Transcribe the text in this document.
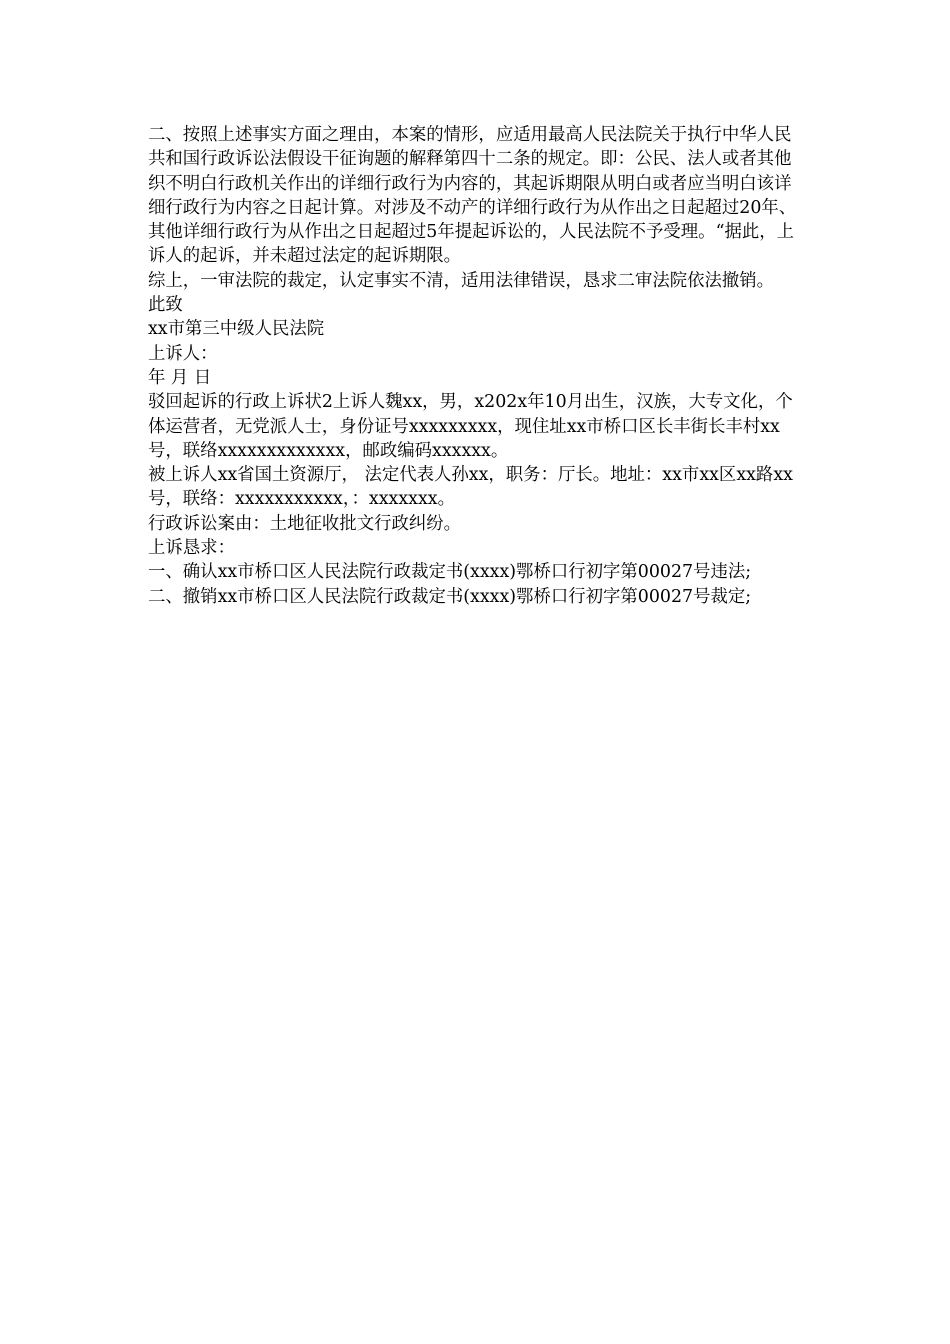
二、按照上述事实方面之理由，本案的情形，应适用最高人民法院关于执行中华人民共和国行政诉讼法假设干征询题的解释第四十二条的规定。即：公民、法人或者其他织不明白行政机关作出的详细行政行为内容的，其起诉期限从明白或者应当明白该详细行政行为内容之日起计算。对涉及不动产的详细行政行为从作出之日起超过20年、其他详细行政行为从作出之日起超过5年提起诉讼的，人民法院不予受理。“据此，上诉人的起诉，并未超过法定的起诉期限。

综上，一审法院的裁定，认定事实不清，适用法律错误，恳求二审法院依法撤销。

此致

xx市第三中级人民法院

上诉人：

年 月 日

驳回起诉的行政上诉状2上诉人魏xx，男，x202x年10月出生，汉族，大专文化，个体运营者，无党派人士，身份证号xxxxxxxxx，现住址xx市桥口区长丰街长丰村xx号，联络xxxxxxxxxxxxx，邮政编码xxxxxx。

被上诉人xx省国土资源厅， 法定代表人孙xx，职务：厅长。地址：xx市xx区xx路xx号，联络：xxxxxxxxxxx，：xxxxxxx。

行政诉讼案由：土地征收批文行政纠纷。

上诉恳求：

一、确认xx市桥口区人民法院行政裁定书(xxxx)鄂桥口行初字第00027号违法;

二、撤销xx市桥口区人民法院行政裁定书(xxxx)鄂桥口行初字第00027号裁定;
